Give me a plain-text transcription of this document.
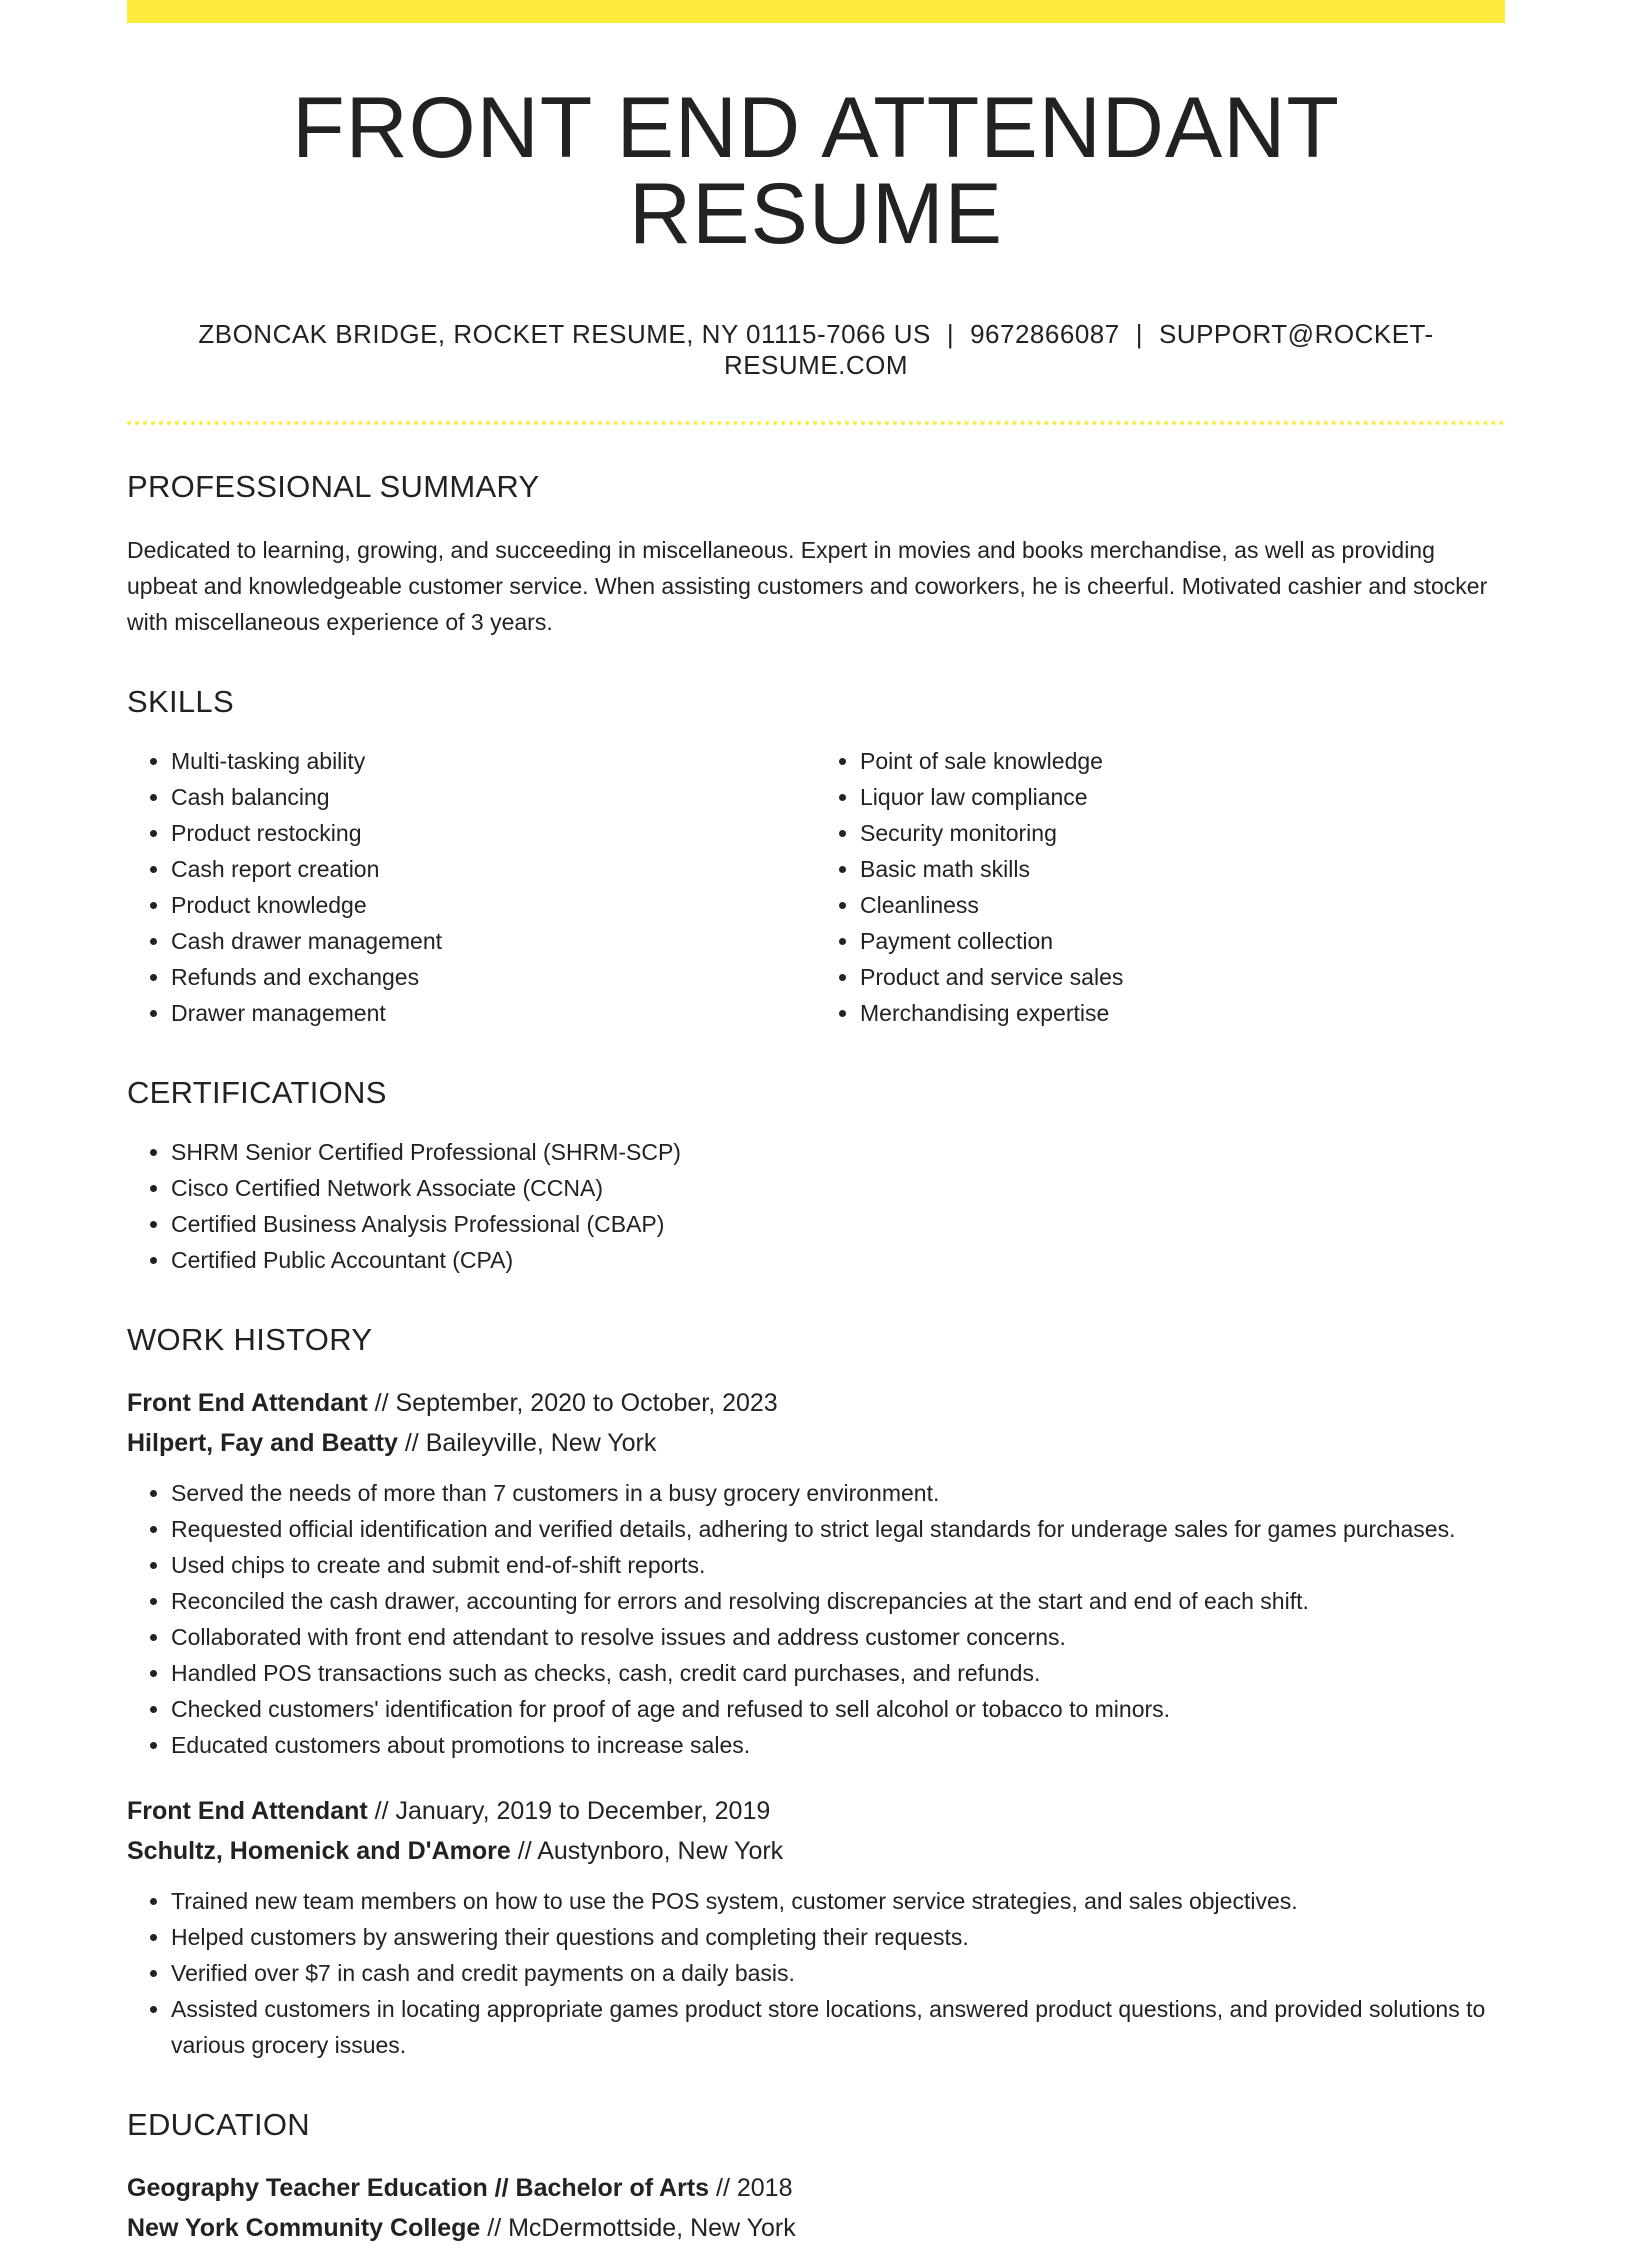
FRONT END ATTENDANT RESUME
ZBONCAK BRIDGE, ROCKET RESUME, NY 01115-7066 US | 9672866087 | SUPPORT@ROCKET-RESUME.COM
PROFESSIONAL SUMMARY

Dedicated to learning, growing, and succeeding in miscellaneous. Expert in movies and books merchandise, as well as providing upbeat and knowledgeable customer service. When assisting customers and coworkers, he is cheerful. Motivated cashier and stocker with miscellaneous experience of 3 years.

SKILLS
• Multi-tasking ability
• Cash balancing
• Product restocking
• Cash report creation
• Product knowledge
• Cash drawer management
• Refunds and exchanges
• Drawer management
• Point of sale knowledge
• Liquor law compliance
• Security monitoring
• Basic math skills
• Cleanliness
• Payment collection
• Product and service sales
• Merchandising expertise
CERTIFICATIONS
• SHRM Senior Certified Professional (SHRM-SCP)
• Cisco Certified Network Associate (CCNA)
• Certified Business Analysis Professional (CBAP)
• Certified Public Accountant (CPA)
WORK HISTORY
Front End Attendant // September, 2020 to October, 2023
Hilpert, Fay and Beatty // Baileyville, New York
• Served the needs of more than 7 customers in a busy grocery environment.
• Requested official identification and verified details, adhering to strict legal standards for underage sales for games purchases.
• Used chips to create and submit end-of-shift reports.
• Reconciled the cash drawer, accounting for errors and resolving discrepancies at the start and end of each shift.
• Collaborated with front end attendant to resolve issues and address customer concerns.
• Handled POS transactions such as checks, cash, credit card purchases, and refunds.
• Checked customers' identification for proof of age and refused to sell alcohol or tobacco to minors.
• Educated customers about promotions to increase sales.
Front End Attendant // January, 2019 to December, 2019
Schultz, Homenick and D'Amore // Austynboro, New York
• Trained new team members on how to use the POS system, customer service strategies, and sales objectives.
• Helped customers by answering their questions and completing their requests.
• Verified over $7 in cash and credit payments on a daily basis.
• Assisted customers in locating appropriate games product store locations, answered product questions, and provided solutions to various grocery issues.
EDUCATION
Geography Teacher Education // Bachelor of Arts // 2018
New York Community College // McDermottside, New York
